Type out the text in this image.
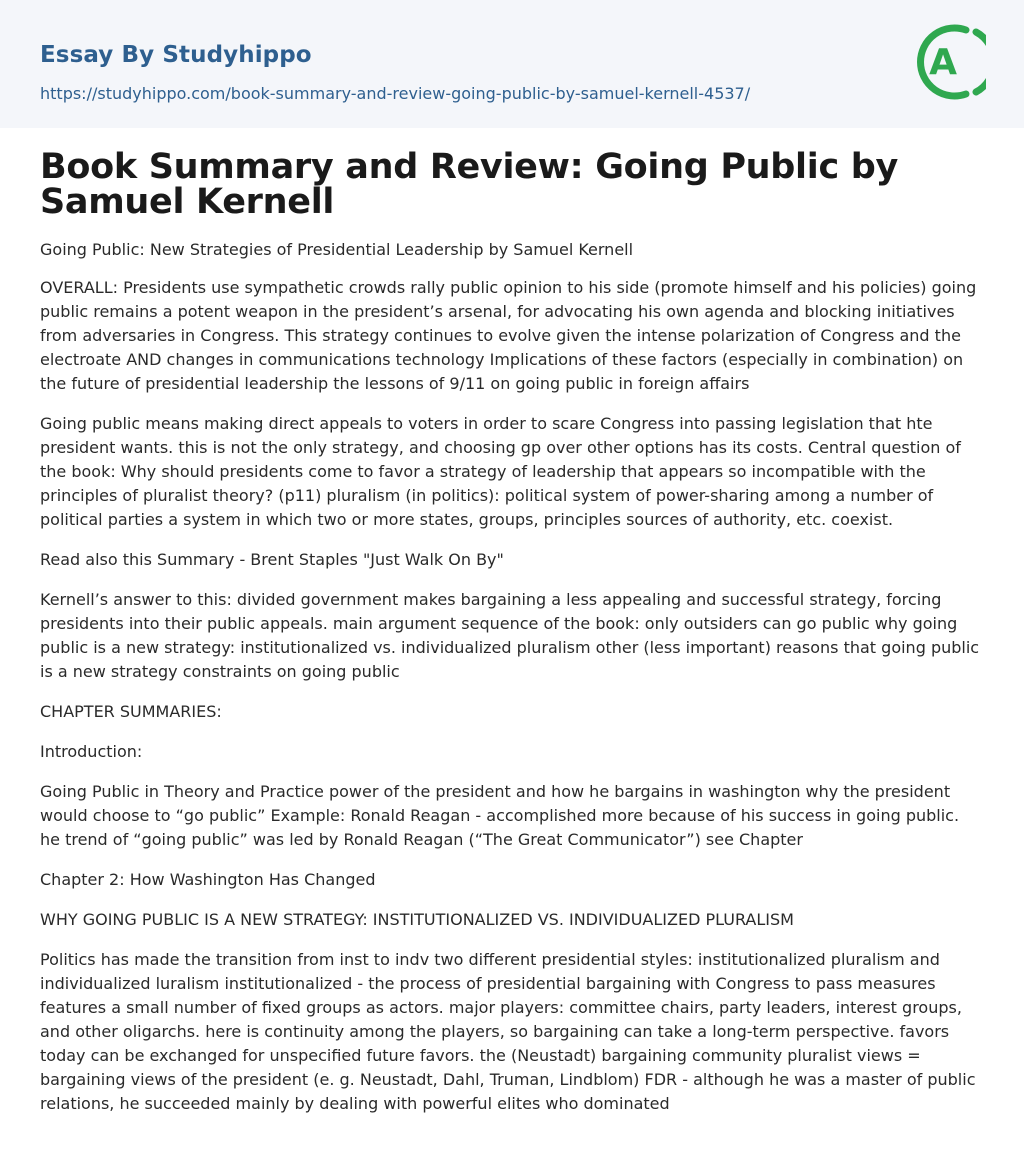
Essay By Studyhippo
https://studyhippo.com/book-summary-and-review-going-public-by-samuel-kernell-4537/
A
Book Summary and Review: Going Public by Samuel Kernell

Going Public: New Strategies of Presidential Leadership by Samuel Kernell

OVERALL: Presidents use sympathetic crowds rally public opinion to his side (promote himself and his policies) going public remains a potent weapon in the president’s arsenal, for advocating his own agenda and blocking initiatives from adversaries in Congress. This strategy continues to evolve given the intense polarization of Congress and the electroate AND changes in communications technology Implications of these factors (especially in combination) on the future of presidential leadership the lessons of 9/11 on going public in foreign affairs

Going public means making direct appeals to voters in order to scare Congress into passing legislation that hte president wants. this is not the only strategy, and choosing gp over other options has its costs. Central question of the book: Why should presidents come to favor a strategy of leadership that appears so incompatible with the principles of pluralist theory? (p11) pluralism (in politics): political system of power-sharing among a number of political parties a system in which two or more states, groups, principles sources of authority, etc. coexist.

Read also this Summary - Brent Staples "Just Walk On By"

Kernell’s answer to this: divided government makes bargaining a less appealing and successful strategy, forcing presidents into their public appeals. main argument sequence of the book: only outsiders can go public why going public is a new strategy: institutionalized vs. individualized pluralism other (less important) reasons that going public is a new strategy constraints on going public

CHAPTER SUMMARIES:

Introduction:

Going Public in Theory and Practice power of the president and how he bargains in washington why the president would choose to “go public” Example: Ronald Reagan - accomplished more because of his success in going public. he trend of “going public” was led by Ronald Reagan (“The Great Communicator”) see Chapter

Chapter 2: How Washington Has Changed

WHY GOING PUBLIC IS A NEW STRATEGY: INSTITUTIONALIZED VS. INDIVIDUALIZED PLURALISM

Politics has made the transition from inst to indv two different presidential styles: institutionalized pluralism and individualized luralism institutionalized - the process of presidential bargaining with Congress to pass measures features a small number of fixed groups as actors. major players: committee chairs, party leaders, interest groups, and other oligarchs. here is continuity among the players, so bargaining can take a long-term perspective. favors today can be exchanged for unspecified future favors. the (Neustadt) bargaining community pluralist views = bargaining views of the president (e. g. Neustadt, Dahl, Truman, Lindblom) FDR - although he was a master of public relations, he succeeded mainly by dealing with powerful elites who dominated
